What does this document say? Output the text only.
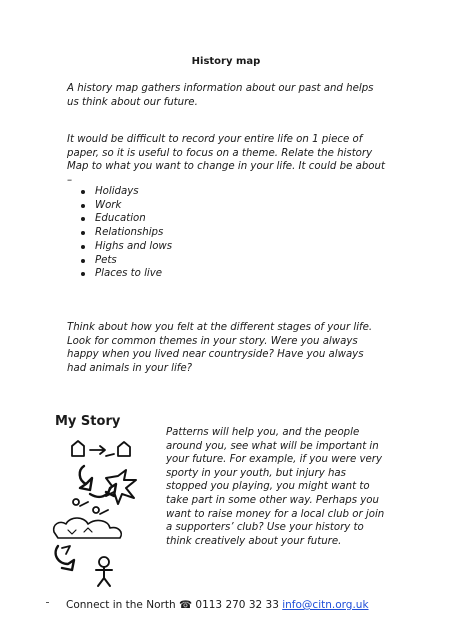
History map

A history map gathers information about our past and helps us think about our future.

It would be difficult to record your entire life on 1 piece of paper, so it is useful to focus on a theme. Relate the history Map to what you want to change in your life. It could be about –

Holidays
Work
Education
Relationships
Highs and lows
Pets
Places to live

Think about how you felt at the different stages of your life. Look for common themes in your story. Were you always happy when you lived near countryside? Have you always had animals in your life?

My Story

Patterns will help you, and the people around you, see what will be important in your future. For example, if you were very sporty in your youth, but injury has stopped you playing, you might want to take part in some other way. Perhaps you want to raise money for a local club or join a supporters’ club? Use your history to think creatively about your future.

Connect in the North ☎ 0113 270 32 33 info@citn.org.uk
